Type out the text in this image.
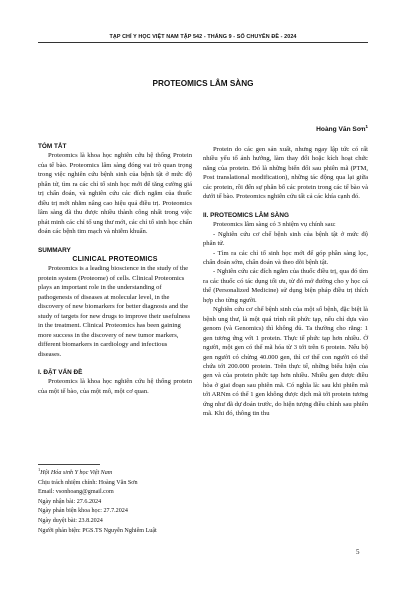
TẠP CHÍ Y HỌC VIỆT NAM TẬP 542 - THÁNG 9 - SỐ CHUYÊN ĐỀ - 2024
PROTEOMICS LÂM SÀNG
Hoàng Văn Sơn$^1$
TÓM TẮT

Proteomics là khoa học nghiên cứu hệ thống Protein của tế bào. Proteomics lâm sàng đóng vai trò quan trọng trong việc nghiên cứu bệnh sinh của bệnh tật ở mức độ phân tử, tìm ra các chỉ tố sinh học mới để tăng cường giá trị chẩn đoán, và nghiên cứu các đích ngắm của thuốc điều trị mới nhằm nâng cao hiệu quả điều trị. Proteomics lâm sàng đã thu được nhiều thành công nhất trong việc phát minh các chỉ tố ung thư mới, các chỉ tố sinh học chẩn đoán các bệnh tim mạch và nhiễm khuẩn.

SUMMARY
CLINICAL PROTEOMICS

Proteomics is a leading bioscience in the study of the protein system (Proteome) of cells. Clinical Proteomics plays an important role in the understanding of pathogenesis of diseases at molecular level, in the discovery of new biomarkers for better diagnosis and the study of targets for new drugs to improve their usefulness in the treatment. Clinical Proteomics has been gaining more success in the discovery of new tumor markers, different biomarkers in cardiology and infectious diseases.

I. ĐẶT VẤN ĐỀ

Proteomics là khoa học nghiên cứu hệ thống protein của một tế bào, của một mô, một cơ quan.

$^1$Hội Hóa sinh Y học Việt Nam
Chịu trách nhiệm chính: Hoàng Văn Sơn
Email: vsonhoang@gmail.com
Ngày nhận bài: 27.6.2024
Ngày phản biện khoa học: 27.7.2024
Ngày duyệt bài: 23.8.2024
Người phản biện: PGS.TS Nguyễn Nghiêm Luật

Protein do các gen sản xuất, nhưng ngay lập tức có rất nhiều yếu tố ảnh hưởng, làm thay đổi hoặc kích hoạt chức năng của protein. Đó là những biến đổi sau phiên mã (PTM, Post translational modification), những tác động qua lại giữa các protein, rồi đến sự phân bố các protein trong các tế bào và dưới tế bào. Proteomics nghiên cứu tất cả các khía cạnh đó.

II. PROTEOMICS LÂM SÀNG

Proteomics lâm sàng có 3 nhiệm vụ chính sau:

- Nghiên cứu cơ chế bệnh sinh của bệnh tật ở mức độ phân tử.

- Tìm ra các chỉ tố sinh học mới để góp phần sàng lọc, chẩn đoán sớm, chẩn đoán và theo dõi bệnh tật.

- Nghiên cứu các đích ngắm của thuốc điều trị, qua đó tìm ra các thuốc có tác dụng tối ưu, từ đó mở đường cho y học cá thể (Personalized Medicine) sử dụng biện pháp điều trị thích hợp cho từng người.

Nghiên cứu cơ chế bệnh sinh của một số bệnh, đặc biệt là bệnh ung thư, là một quá trình rất phức tạp, nếu chỉ dựa vào genom (và Genomics) thì không đủ. Ta thường cho rằng: 1 gen tương ứng với 1 protein. Thực tế phức tạp hơn nhiều. Ở người, một gen có thể mã hóa từ 3 tới trên 6 protein. Nếu bộ gen người có chừng 40.000 gen, thì cơ thể con người có thể chứa tới 200.000 protein. Trên thực tế, những biểu hiện của gen và của protein phức tạp hơn nhiều. Nhiều gen được điều hòa ở giai đoạn sau phiên mã. Có nghĩa là: sau khi phiên mã tới ARNm có thể 1 gen không được dịch mã tới protein tương ứng như đã dự đoán trước, do hiện tượng điều chỉnh sau phiên mã. Khi đó, thông tin thu

5
